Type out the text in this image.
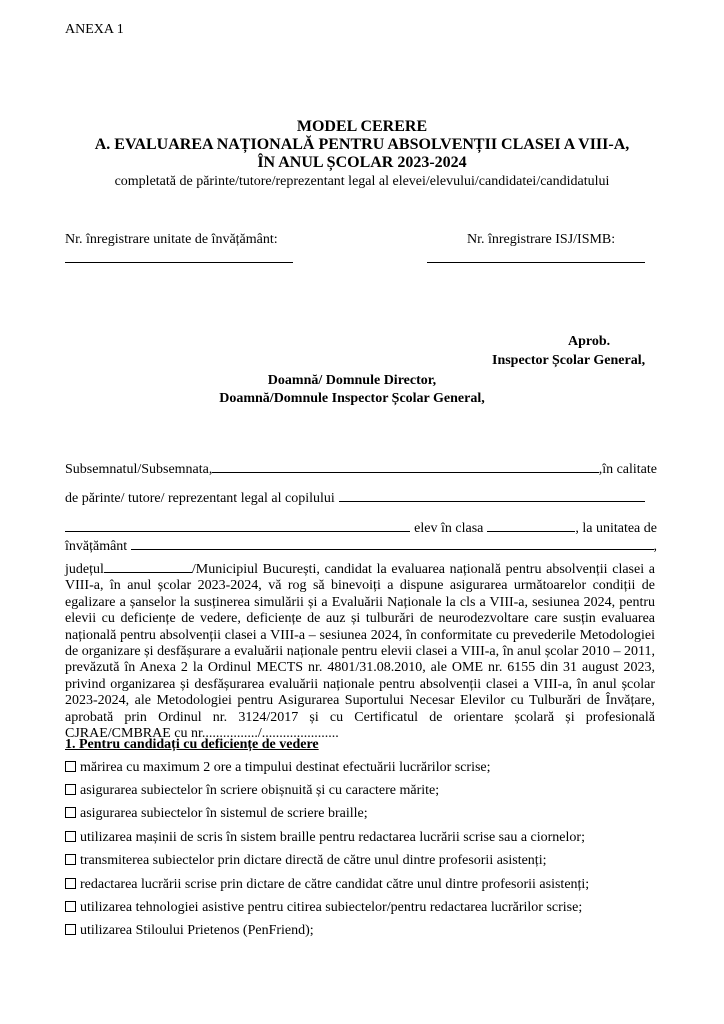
ANEXA 1
MODEL CERERE
A. EVALUAREA NAȚIONALĂ PENTRU ABSOLVENȚII CLASEI A VIII-A,
ÎN ANUL ȘCOLAR 2023-2024
completată de părinte/tutore/reprezentant legal al elevei/elevului/candidatei/candidatului
Nr. înregistrare unitate de învățământ:	Nr. înregistrare ISJ/ISMB:
Aprob.
Inspector Școlar General,
Doamnă/ Domnule Director,
Doamnă/Domnule Inspector Școlar General,
Subsemnatul/Subsemnata,	,în calitate
de părinte/ tutore/ reprezentant legal al copilului
elev în clasa	, la unitatea de
învățământ	,
județul	/Municipiul București, candidat la evaluarea națională pentru absolvenții clasei a VIII-a, în anul școlar 2023-2024, vă rog să binevoiți a dispune asigurarea următoarelor condiții de egalizare a șanselor la susținerea simulării și a Evaluării Naționale la cls a VIII-a, sesiunea 2024, pentru elevii cu deficiențe de vedere, deficiențe de auz și tulburări de neurodezvoltare care susțin evaluarea națională pentru absolvenții clasei a VIII-a – sesiunea 2024, în conformitate cu prevederile Metodologiei de organizare și desfășurare a evaluării naționale pentru elevii clasei a VIII-a, în anul școlar 2010 – 2011, prevăzută în Anexa 2 la Ordinul MECTS nr. 4801/31.08.2010, ale OME nr. 6155 din 31 august 2023, privind organizarea și desfășurarea evaluării naționale pentru absolvenții clasei a VIII-a, în anul școlar 2023-2024, ale Metodologiei pentru Asigurarea Suportului Necesar Elevilor cu Tulburări de Învățare, aprobată prin Ordinul nr. 3124/2017 și cu Certificatul de orientare școlară și profesională CJRAE/CMBRAE cu nr................/......................
1. Pentru candidați cu deficiențe de vedere
mărirea cu maximum 2 ore a timpului destinat efectuării lucrărilor scrise;
asigurarea subiectelor în scriere obișnuită și cu caractere mărite;
asigurarea subiectelor în sistemul de scriere braille;
utilizarea mașinii de scris în sistem braille pentru redactarea lucrării scrise sau a ciornelor;
transmiterea subiectelor prin dictare directă de către unul dintre profesorii asistenți;
redactarea lucrării scrise prin dictare de către candidat către unul dintre profesorii asistenți;
utilizarea tehnologiei asistive pentru citirea subiectelor/pentru redactarea lucrărilor scrise;
utilizarea Stiloului Prietenos (PenFriend);
